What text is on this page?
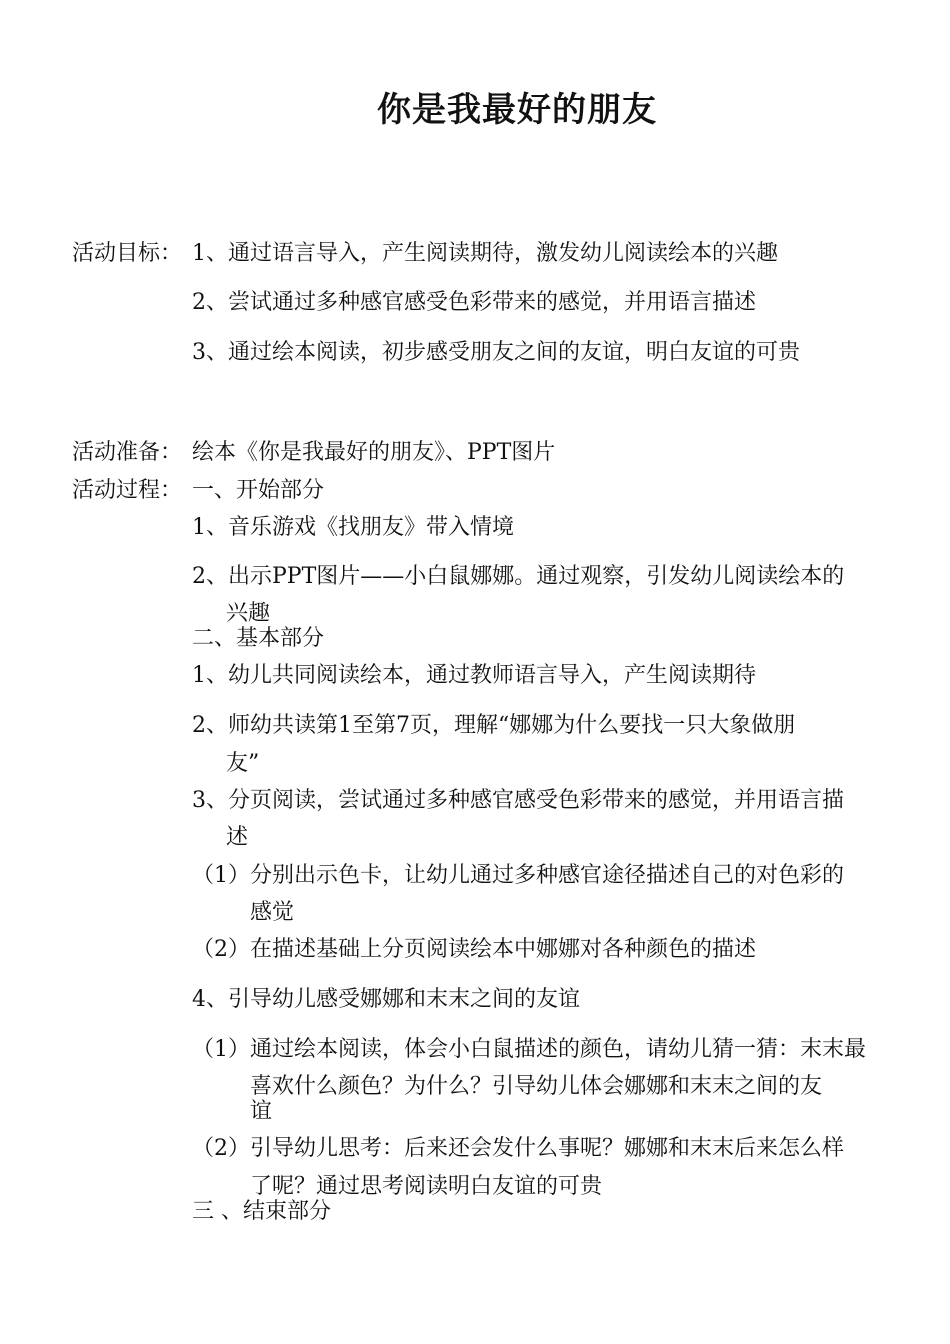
你是我最好的朋友
活动目标： 1、通过语言导入，产生阅读期待，激发幼儿阅读绘本的兴趣
2、尝试通过多种感官感受色彩带来的感觉，并用语言描述
3、通过绘本阅读，初步感受朋友之间的友谊，明白友谊的可贵
活动准备： 绘本《你是我最好的朋友》、PPT图片
活动过程： 一、开始部分
1、音乐游戏《找朋友》带入情境
2、出示PPT图片——小白鼠娜娜。通过观察，引发幼儿阅读绘本的
兴趣
二、基本部分
1、幼儿共同阅读绘本，通过教师语言导入，产生阅读期待
2、师幼共读第1至第7页，理解“娜娜为什么要找一只大象做朋
友”
3、分页阅读，尝试通过多种感官感受色彩带来的感觉，并用语言描
述
（1）分别出示色卡，让幼儿通过多种感官途径描述自己的对色彩的
感觉
（2）在描述基础上分页阅读绘本中娜娜对各种颜色的描述
4、引导幼儿感受娜娜和末末之间的友谊
（1）通过绘本阅读，体会小白鼠描述的颜色，请幼儿猜一猜：末末最
喜欢什么颜色？为什么？引导幼儿体会娜娜和末末之间的友
谊
（2）引导幼儿思考：后来还会发什么事呢？娜娜和末末后来怎么样
了呢？通过思考阅读明白友谊的可贵
三 、结束部分
